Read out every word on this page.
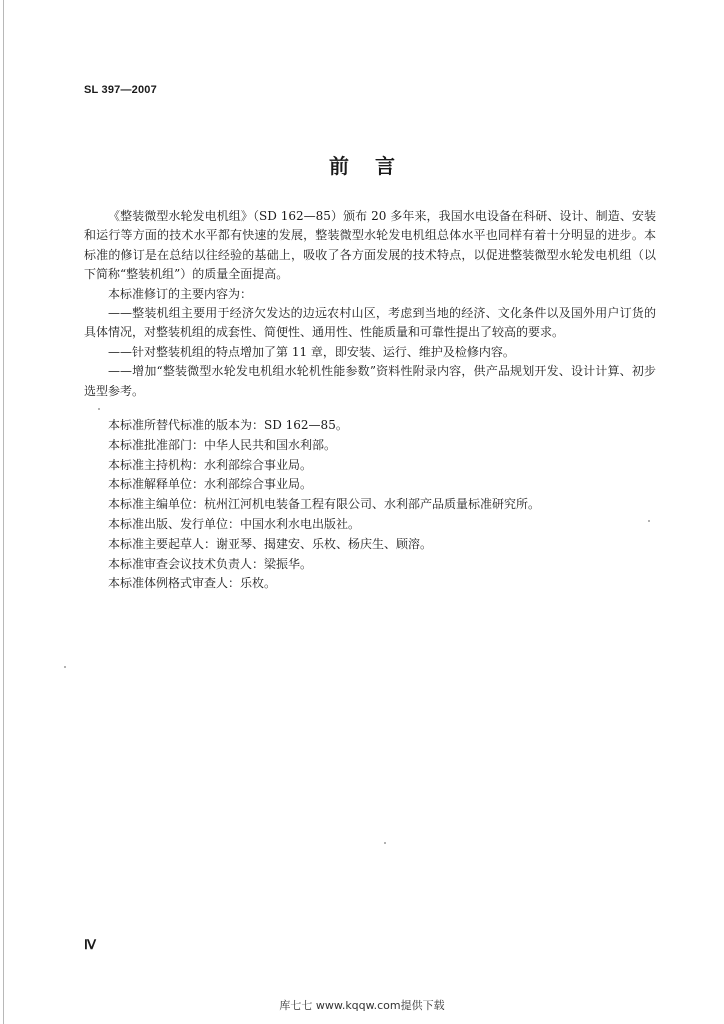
SL 397—2007
前言

《整装微型水轮发电机组》（SD 162—85）颁布 20 多年来，我国水电设备在科研、设计、制造、安装和运行等方面的技术水平都有快速的发展，整装微型水轮发电机组总体水平也同样有着十分明显的进步。本标准的修订是在总结以往经验的基础上，吸收了各方面发展的技术特点，以促进整装微型水轮发电机组（以下简称“整装机组”）的质量全面提高。

本标准修订的主要内容为：

——整装机组主要用于经济欠发达的边远农村山区，考虑到当地的经济、文化条件以及国外用户订货的具体情况，对整装机组的成套性、简便性、通用性、性能质量和可靠性提出了较高的要求。

——针对整装机组的特点增加了第 11 章，即安装、运行、维护及检修内容。

——增加“整装微型水轮发电机组水轮机性能参数”资料性附录内容，供产品规划开发、设计计算、初步选型参考。

本标准所替代标准的版本为：SD 162—85。

本标准批准部门：中华人民共和国水利部。

本标准主持机构：水利部综合事业局。

本标准解释单位：水利部综合事业局。

本标准主编单位：杭州江河机电装备工程有限公司、水利部产品质量标准研究所。

本标准出版、发行单位：中国水利水电出版社。

本标准主要起草人：谢亚琴、揭建安、乐枚、杨庆生、顾溶。

本标准审查会议技术负责人：梁振华。

本标准体例格式审查人：乐枚。

Ⅳ
库七七 www.kqqw.com提供下载
